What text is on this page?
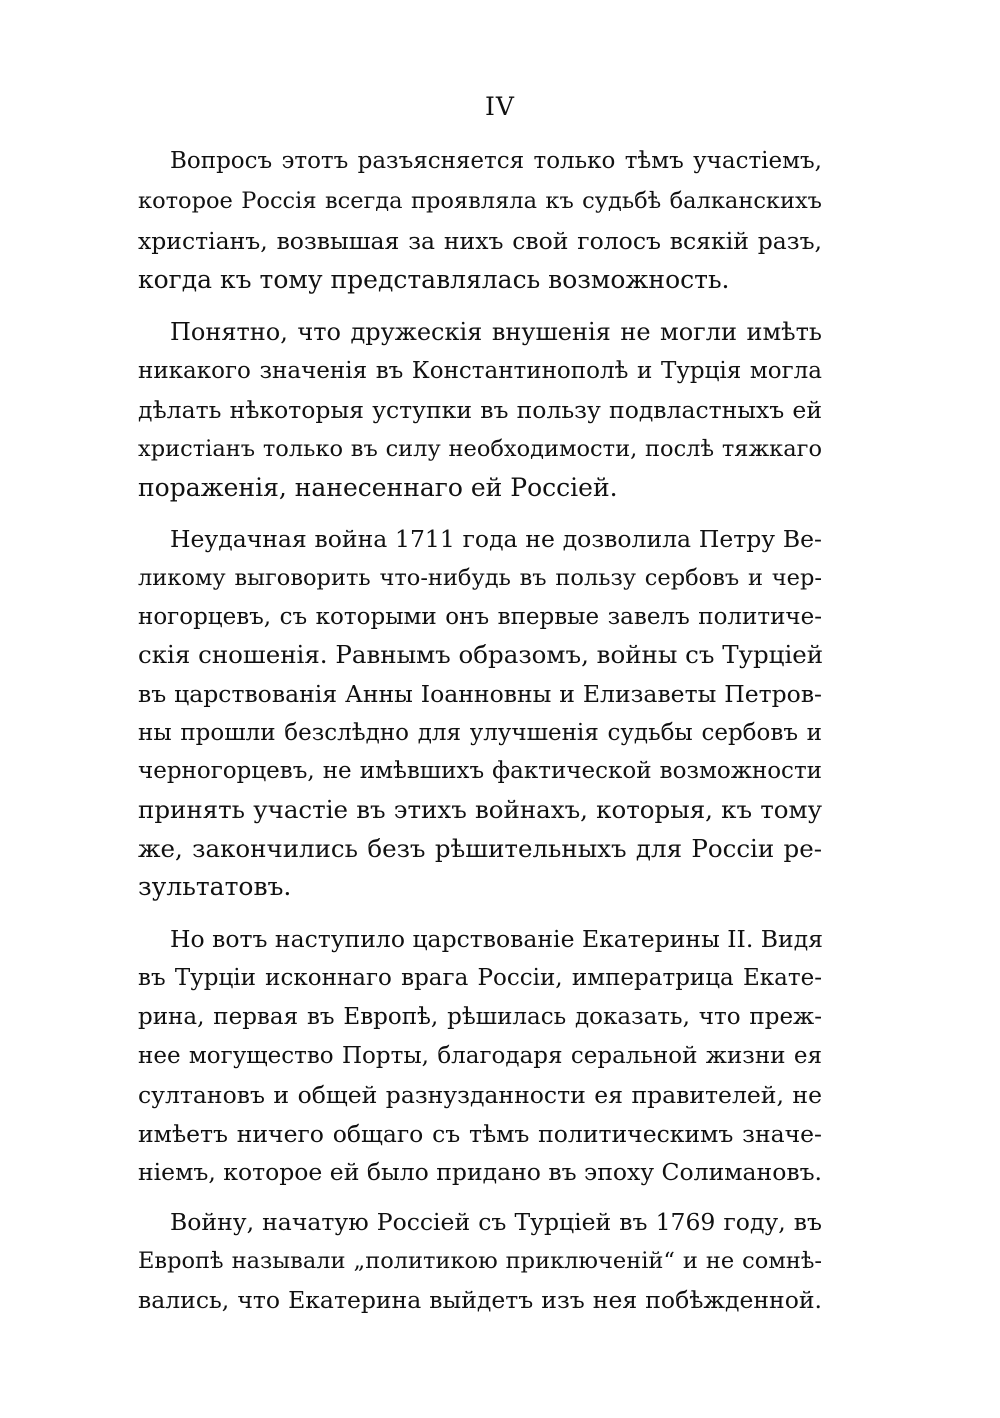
IV

Вопросъ этотъ разъясняется только тѣмъ участіемъ,

которое Россія всегда проявляла къ судьбѣ балканскихъ

христіанъ, возвышая за нихъ свой голосъ всякій разъ,

когда къ тому представлялась возможность.

Понятно, что дружескія внушенія не могли имѣть

никакого значенія въ Константинополѣ и Турція могла

дѣлать нѣкоторыя уступки въ пользу подвластныхъ ей

христіанъ только въ силу необходимости, послѣ тяжкаго

пораженія, нанесеннаго ей Россіей.

Неудачная война 1711 года не дозволила Петру Ве-

ликому выговорить что-нибудь въ пользу сербовъ и чер-

ногорцевъ, съ которыми онъ впервые завелъ политиче-

скія сношенія. Равнымъ образомъ, войны съ Турціей

въ царствованія Анны Іоанновны и Елизаветы Петров-

ны прошли безслѣдно для улучшенія судьбы сербовъ и

черногорцевъ, не имѣвшихъ фактической возможности

принять участіе въ этихъ войнахъ, которыя, къ тому

же, закончились безъ рѣшительныхъ для Россіи ре-

зультатовъ.

Но вотъ наступило царствованіе Екатерины II. Видя

въ Турціи исконнаго врага Россіи, императрица Екате-

рина, первая въ Европѣ, рѣшилась доказать, что преж-

нее могущество Порты, благодаря серальной жизни ея

султановъ и общей разнузданности ея правителей, не

имѣетъ ничего общаго съ тѣмъ политическимъ значе-

ніемъ, которое ей было придано въ эпоху Солимановъ.

Войну, начатую Россіей съ Турціей въ 1769 году, въ

Европѣ называли „политикою приключеній“ и не сомнѣ-

вались, что Екатерина выйдетъ изъ нея побѣжденной.
